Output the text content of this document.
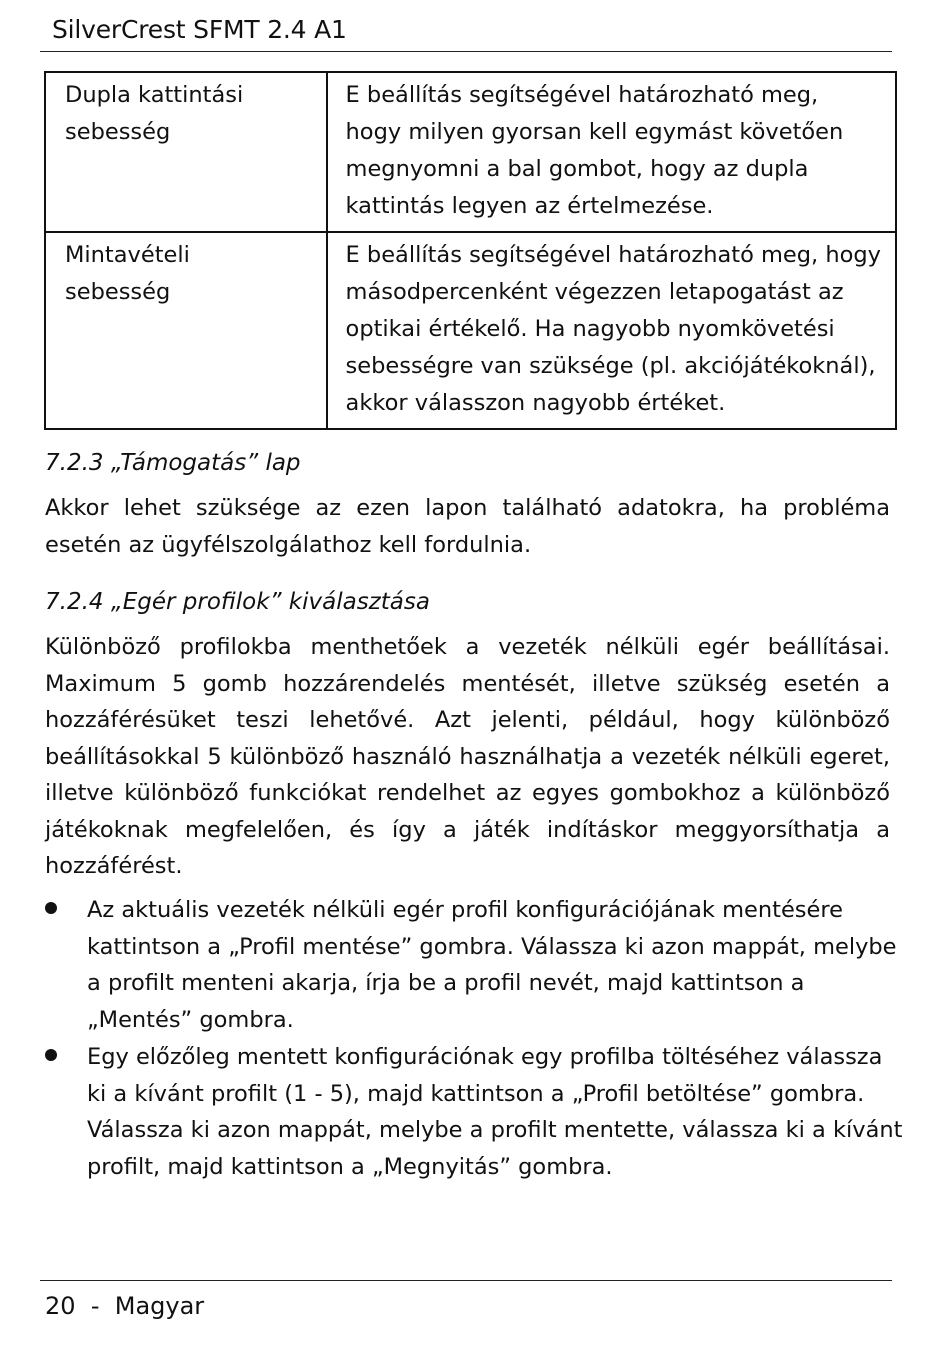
SilverCrest SFMT 2.4 A1
Dupla kattintási
sebesség	E beállítás segítségével határozható meg,
hogy milyen gyorsan kell egymást követően
megnyomni a bal gombot, hogy az dupla
kattintás legyen az értelmezése.

Mintavételi
sebesség	E beállítás segítségével határozható meg, hogy
másodpercenként végezzen letapogatást az
optikai értékelő. Ha nagyobb nyomkövetési
sebességre van szüksége (pl. akciójátékoknál),
akkor válasszon nagyobb értéket.
7.2.3 „Támogatás” lap
Akkor lehet szüksége az ezen lapon található adatokra, ha probléma
esetén az ügyfélszolgálathoz kell fordulnia.
7.2.4 „Egér profilok” kiválasztása
Különböző profilokba menthetőek a vezeték nélküli egér beállításai.
Maximum 5 gomb hozzárendelés mentését, illetve szükség esetén a
hozzáférésüket teszi lehetővé. Azt jelenti, például, hogy különböző
beállításokkal 5 különböző használó használhatja a vezeték nélküli egeret,
illetve különböző funkciókat rendelhet az egyes gombokhoz a különböző
játékoknak megfelelően, és így a játék indításkor meggyorsíthatja a
hozzáférést.
Az aktuális vezeték nélküli egér profil konfigurációjának mentésére
kattintson a „Profil mentése” gombra. Válassza ki azon mappát, melybe
a profilt menteni akarja, írja be a profil nevét, majd kattintson a
„Mentés” gombra.
Egy előzőleg mentett konfigurációnak egy profilba töltéséhez válassza
ki a kívánt profilt (1 - 5), majd kattintson a „Profil betöltése” gombra.
Válassza ki azon mappát, melybe a profilt mentette, válassza ki a kívánt
profilt, majd kattintson a „Megnyitás” gombra.
20 - Magyar
